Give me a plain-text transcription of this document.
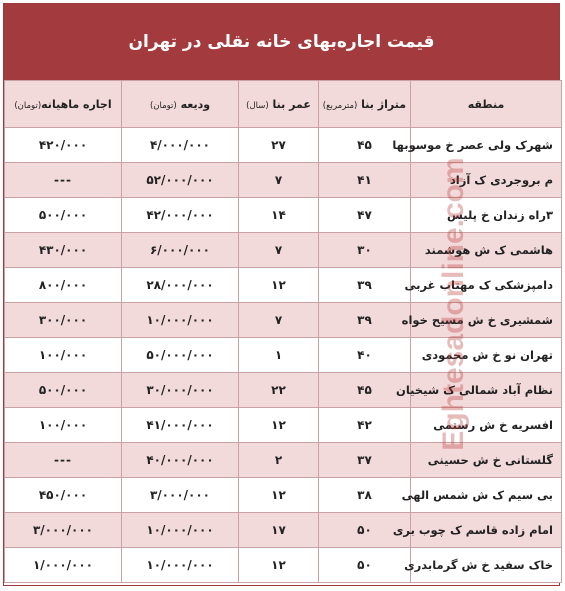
قیمت اجاره‌بهای خانه نقلی در تهران
منطقه	متراژ بنا (مترمربع)	عمر بنا (سال)	ودیعه (تومان)	اجاره ماهیانه(تومان)
شهرک ولی عصر خ موسوبها	۴۵	۲۷	۴/۰۰۰/۰۰۰	۴۲۰/۰۰۰
م بروجردی ک آزاد	۴۱	۷	۵۲/۰۰۰/۰۰۰	---
۳راه زندان خ پلیس	۴۷	۱۴	۴۲/۰۰۰/۰۰۰	۵۰۰/۰۰۰
هاشمی ک ش هوشمند	۳۰	۷	۶/۰۰۰/۰۰۰	۴۳۰/۰۰۰
دامپزشکی ک مهتاب غربی	۳۹	۱۲	۲۸/۰۰۰/۰۰۰	۸۰۰/۰۰۰
شمشیری خ ش مسیح خواه	۳۹	۷	۱۰/۰۰۰/۰۰۰	۳۰۰/۰۰۰
تهران نو خ ش محمودی	۴۰	۱	۵۰/۰۰۰/۰۰۰	۱۰۰/۰۰۰
نظام آباد شمالی ک شیخیان	۴۵	۲۲	۳۰/۰۰۰/۰۰۰	۵۰۰/۰۰۰
افسریه خ ش رستمی	۴۲	۱۲	۴۱/۰۰۰/۰۰۰	۱۰۰/۰۰۰
گلستانی خ ش حسینی	۳۷	۲	۴۰/۰۰۰/۰۰۰	---
بی سیم ک ش شمس الهی	۳۸	۱۲	۳/۰۰۰/۰۰۰	۴۵۰/۰۰۰
امام زاده قاسم ک چوب بری	۵۰	۱۷	۱۰/۰۰۰/۰۰۰	۳/۰۰۰/۰۰۰
خاک سفید خ ش گرمابدری	۵۰	۱۲	۱۰/۰۰۰/۰۰۰	۱/۰۰۰/۰۰۰
Eghtesadonline.com
